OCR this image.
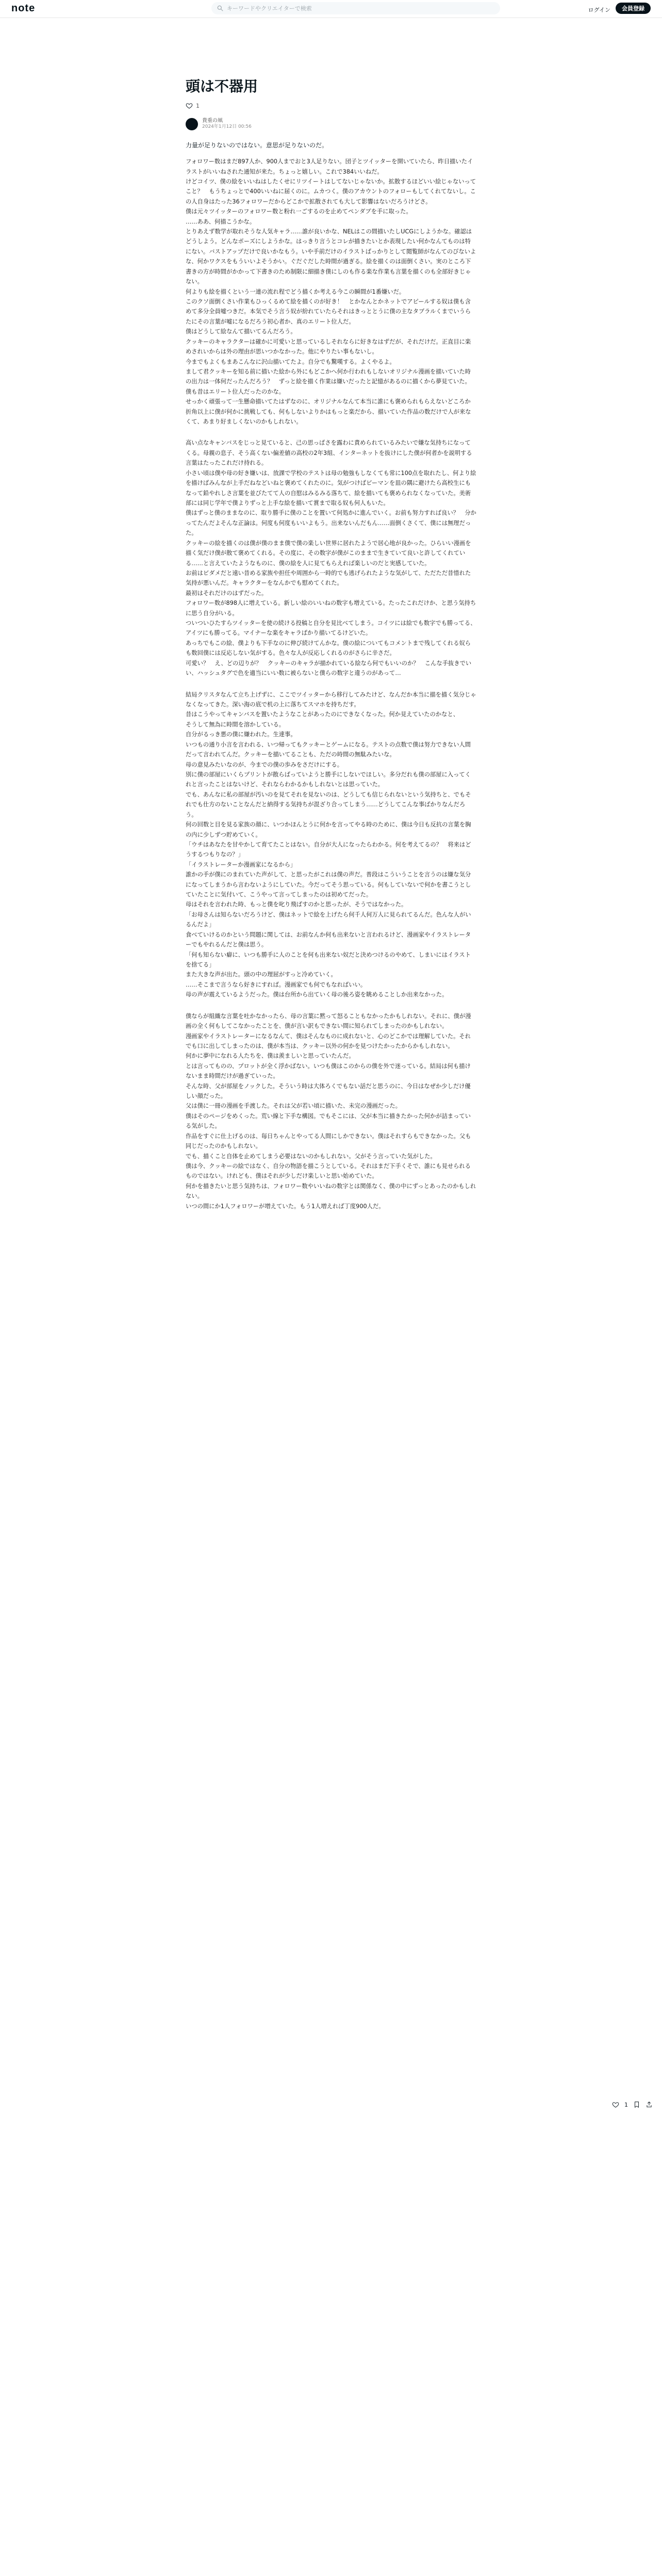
note	キーワードやクリエイターで検索	ログイン	会員登録
頭は不器用
1
貴重の凧
2024年1月12日 00:56
力量が足りないのではない。意思が足りないのだ。

フォロワー数はまだ897人か、900人までおと3人足りない。団子とツイッターを開いていたら、昨日描いたイラストがいいねされた通知が来た。ちょっと嬉しい。これで384いいねだ。
けどコイツ、僕の絵をいいねはしたくせにリツイートはしてないじゃないか。拡散するほどいい絵じゃないってこと？　もうちょっとで400いいねに届くのに。ムカつく。僕のアカウントのフォローもしてくれてないし。この人自身はたった36フォロワーだからどこかで拡散されても大して影響はないだろうけどさ。
僕は元々ツイッターのフォロワー数と粉れ一ごするのを止めてペンダブを手に取った。
……ああ、何描こうかな。
とりあえず数学が取れそうな人気キャラ……誰が良いかな、NELはこの間描いたしUCGにしようかな。確認はどうしよう。どんなポーズにしようかな。はっきり言うとコレが描きたいとか表現したい何かなんてものは特にない。バストアップだけで良いかなもう。いや手前だけのイラストばっかりとして閲覧師がなんてのびないよな、何かワクスをもういいよそうかい。ぐだぐだした時間が過ぎる。絵を描くのは面倒くさい。実のところ下書きの方が時間がかかって下書きのため制限に細描き僕にしのも作る楽な作業も言葉を描くのも全部好きじゃない。
何よりも絵を描くという一連の流れ程でどう描くか考える今この瞬間が1番嫌いだ。
このクソ面倒くさい作業もひっくるめて絵を描くのが好き！　とかなんとかネットでアピールする奴は僕も含めて多分全員嘘つきだ。本気でそう言う奴が紛れていたらそれはきっととうに僕の主なタブラルくまでいうらたにその言葉が嘘になるだろう初心者か、真のエリート位人だ。
僕はどうして絵なんて描いてるんだろう。
クッキーのキャラクターは確かに可愛いと思っているしそれならに好きなはずだが、それだけだ。正直目に楽めされいからは外の理由が思いつかなかった。他にやりたい事もないし。
今までもよくもまあこんなに沢山描いてたよ。自分でも驚嘆する。よくやるよ。
まして君クッキーを知る前に描いた絵から外にもどこかへ何か行われもしないオリジナル漫画を描いていた時の出力は一体何だったんだろう？　ずっと絵を描く作業は嫌いだったと記憶があるのに描くから夢見ていた。僕も昔はエリート位人だったのかな。
せっかく頑張って一生懸命描いてたはずなのに、オリジナルなんて本当に誰にも褒められもらえないどころか折角以上に僕が何かに挑戦しても、何もしないよりかはもっと楽だから、描いていた作品の数だけで人が来なくて、あまり好ましくないのかもしれない。

高い点なキャンバスをじっと見ていると、己の思っぱさを露わに責められているみたいで嫌な気持ちになってくる。母親の息子、そう高くない偏差値の高校の2年3組、インターネットを抜けにした僕が何者かを説明する言葉はたったこれだけ持れる。
小さい頃は僕や母の好き嫌いは、放課で学校のテストは母の勉強もしなくても常に100点を取れたし、何より絵を描けばみんなが上手だねなどいねと褒めてくれたのに。気がつけばピーマンを皿の隅に避けたら高校生にもなって鉛やれしさ言葉を並びたてて人の自慰はみるみる落ちて、絵を描いても褒められなくなっていた。美術部には同じ学年で僕よりずっと上手な絵を描いて賞まで取る奴も何人もいた。
僕はずっと僕のままなのに、取り勝手に僕のことを置いて何処かに進んでいく。お前も努力すれば良い？　分かってたんだよそんな正論は。何度も何度もいいよもう。出来ないんだもん……面倒くさくて、僕には無理だった。
クッキーの絵を描くのは僕が僕のまま僕で僕の楽しい世界に居れたようで居心地が良かった。ひらいい漫画を描く気だけ僕が散て褒めてくれる。その度に、その数字が僕がこのままで生きていて良いと許してくれている……と言えていたようなものに、僕の絵を人に見てもらえれば楽しいのだと実感していた。
お前はビダメだと遠い昔める家族や担任や周囲から一時的でも逃げられたような気がして、ただただ昔惜れた気持が悪いんだ。キャラクターをなんかでも慰めてくれた。
最初はそれだけのはずだった。
フォロワー数が898人に増えている。新しい絵のいいねの数字も増えている。たったこれだけか、と思う気持ちに思う自分がいる。
ついついひたすらツイッターを使の続ける投稿と自分を見比べてしまう。コイツには絵でも数字でも勝ってる、アイツにも勝ってる。マイナーな楽をキャラばかり描いてるけどいた。
あっちでもこの絵、僕よりも下手なのに伸び続けてんかな。僕の絵についてもコメントまで残してくれる奴らも数回僕には反応しない気がする。色々な人が反応しくれるのがさらに辛さだ。
可愛い？　え、どの辺りが？　クッキーのキャラが描かれている絵なら何でもいいのか？　こんな手抜きでいい、ハッシュタグで色を適当にいい数に被らないと僕らの数字と違うのがあって…

結局クリスタなんて立ち上げずに、ここでツイッターから移行してみたけど、なんだか本当に描を描く気分じゃなくなってきた。深い海の底で机の上に落ちてスマホを持ちだす。
昔はこうやってキャンバスを置いたようなことがあったのにできなくなった。何か見えていたのかなと、
そうして無為に時間を溶かしている。
自分がるっき悪の僕に嫌われた。生達事。
いつもの通り小言を言われる、いつ帰ってもクッキーとゲームになる。テストの点数で僕は努力できない人間だって言われてんだ。クッキーを描いてることも、ただの時間の無駄みたいな。
母の意見みたいなのが、今までの僕の歩みをさだけにする。
別に僕の部屋にいくらプリントが散らばっていようと勝手にしないでほしい。多分だれも僕の部屋に入ってくれと言ったことはないけど、それならわかるかもしれないとは思っていた。
でも、あんなに私の部屋が汚いのを見てそれを見ないのは、どうしても信じられないという気持ちと、でもそれでも仕方のないことなんだと納得する気持ちが混ざり合ってしまう……どうしてこんな事ばかりなんだろう。
何の回数と目を見る家族の顔に、いつかほんとうに何かを言ってやる時のために、僕は今日も反抗の言葉を胸の内に少しずつ貯めていく。
「ウチはあなたを甘やかして育てたことはない。自分が大人になったらわかる。何を考えてるの？　将来はどうするつもりなの？」
「イラストレーターか漫画家になるから」
誰かの手が僕にのまれていた声がして、と思ったがこれは僕の声だ。普段はこういうことを言うのは嫌な気分になってしまうから言わないようにしていた。今だってそう思っている。何もしていないで何かを書こうとしていたことに気付いて、こうやって言ってしまったのは初めてだった。
母はそれを言われた時、もっと僕を叱り飛ばすのかと思ったが、そうではなかった。
「お母さんは知らないだろうけど、僕はネットで絵を上げたら何千人何万人に見られてるんだ。色んな人がいるんだよ」
食べていけるのかという問題に関しては、お前なんか何も出来ないと言われるけど、漫画家やイラストレーターでもやれるんだと僕は思う。
「何も知らない癖に、いつも勝手に人のことを何も出来ない奴だと決めつけるのやめて、しまいにはイラストを捨てる」
また大きな声が出た。頭の中の理屈がすっと冷めていく。
……そこまで言うなら好きにすれば。漫画家でも何でもなればいい。
母の声が震えているようだった。僕は台所から出ていく母の後ろ姿を眺めることしか出来なかった。

僕ならが組織な言葉を吐かなかったら、母の言葉に黙って怒ることもなかったかもしれない。それに、僕が漫画の全く何もしてこなかったことを、僕が言い訳もできない間に知られてしまったのかもしれない。
漫画家やイラストレーターになるなんて、僕はそんなものに成れないと、心のどこかでは理解していた。それでも口に出してしまったのは、僕が本当は、クッキー以外の何かを見つけたかったからかもしれない。
何かに夢中になれる人たちを、僕は羨ましいと思っていたんだ。
とは言ってものの、プロットが全く浮かばない。いつも僕はこのからの僕を外で迷っている。結局は何も描けないまま時間だけが過ぎていった。
そんな時、父が部屋をノックした。そういう時は大体ろくでもない話だと思うのに、今日はなぜか少しだけ優しい顔だった。
父は僕に一冊の漫画を手渡した。それは父が若い頃に描いた、未完の漫画だった。
僕はそのページをめくった。荒い線と下手な構図。でもそこには、父が本当に描きたかった何かが詰まっている気がした。
作品をすぐに仕上げるのは、毎日ちゃんとやってる人間にしかできない。僕はそれすらもできなかった。父も同じだったのかもしれない。
でも、描くこと自体を止めてしまう必要はないのかもしれない。父がそう言っていた気がした。
僕は今、クッキーの絵ではなく、自分の物語を描こうとしている。それはまだ下手くそで、誰にも見せられるものではない。けれども、僕はそれが少しだけ楽しいと思い始めていた。
何かを描きたいと思う気持ちは、フォロワー数やいいねの数字とは関係なく、僕の中にずっとあったのかもしれない。
いつの間にか1人フォロワーが増えていた。もう1人増えれば丁度900人だ。

1
